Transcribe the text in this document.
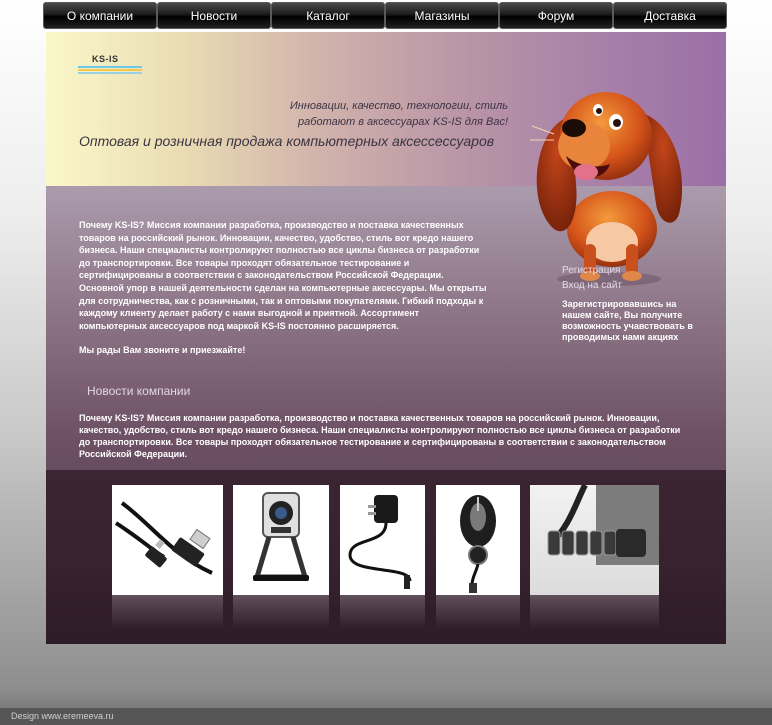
О компании	Новости	Каталог	Магазины	Форум	Доставка
KS-IS
Инновации, качество, технологии, стиль
работают в аксессуарах KS-IS для Вас!
Оптовая и розничная продажа компьютерных аксессессуаров

Почему KS-IS? Миссия компании разработка, производство и поставка качественных товаров на российский рынок. Инновации, качество, удобство, стиль вот кредо нашего бизнеса. Наши специалисты контролируют полностью все циклы бизнеса от разработки до транспортировки. Все товары проходят обязательное тестирование и сертифицированы в соответствии с законодательством Российской Федерации. Основной упор в нашей деятельности сделан на компьютерные аксессуары. Мы открыты для сотрудничества, как с розничными, так и оптовыми покупателями. Гибкий подходы к каждому клиенту делает работу с нами выгодной и приятной. Ассортимент компьютерных аксессуаров под маркой KS-IS постоянно расширяется.

Мы рады Вам звоните и приезжайте!

Регистрация
Вход на сайт
Зарегистрировавшись на нашем сайте, Вы получите возможность учавствовать в проводимых нами акциях
Новости компании
Почему KS-IS? Миссия компании разработка, производство и поставка качественных товаров на российский рынок. Инновации, качество, удобство, стиль вот кредо нашего бизнеса. Наши специалисты контролируют полностью все циклы бизнеса от разработки до транспортировки. Все товары проходят обязательное тестирование и сертифицированы в соответствии с законодательством Российской Федерации.
Design www.eremeeva.ru
